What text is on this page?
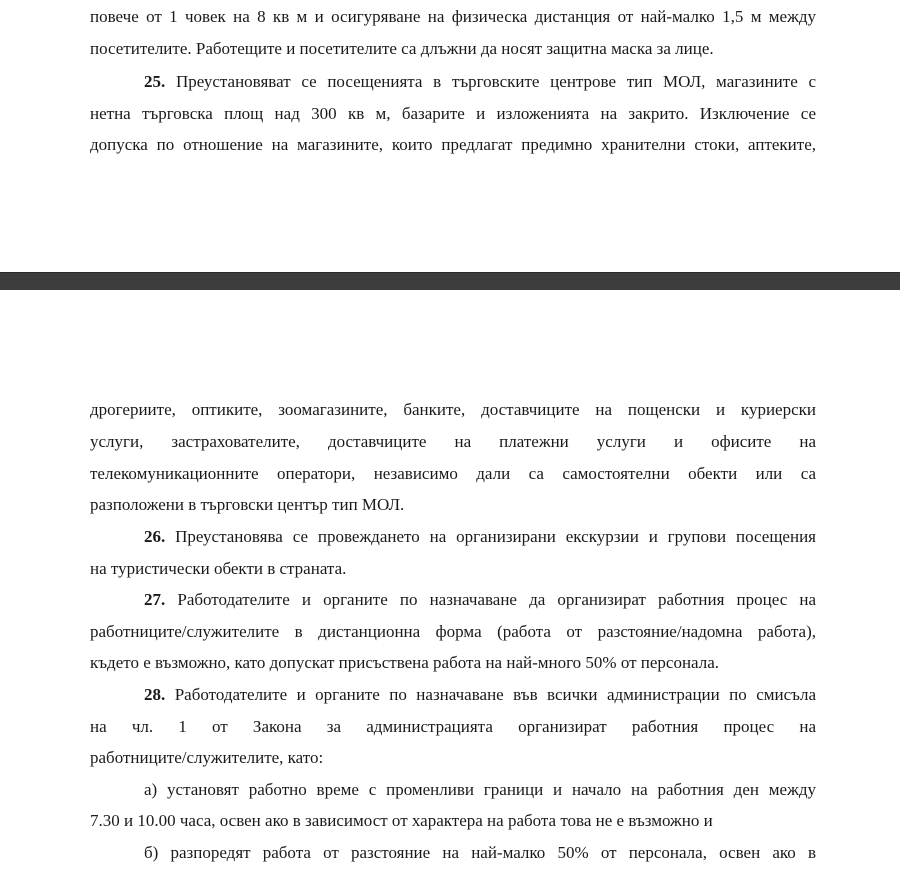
повече от 1 човек на 8 кв м и осигуряване на физическа дистанция от най-малко 1,5 м между
посетителите. Работещите и посетителите са длъжни да носят защитна маска за лице.
25. Преустановяват се посещенията в търговските центрове тип МОЛ, магазините с
нетна търговска площ над 300 кв м, базарите и изложенията на закрито. Изключение се
допуска по отношение на магазините, които предлагат предимно хранителни стоки, аптеките,
дрогериите, оптиките, зоомагазините, банките, доставчиците на пощенски и куриерски
услуги, застрахователите, доставчиците на платежни услуги и офисите на
телекомуникационните оператори, независимо дали са самостоятелни обекти или са
разположени в търговски център тип МОЛ.
26. Преустановява се провеждането на организирани екскурзии и групови посещения
на туристически обекти в страната.
27. Работодателите и органите по назначаване да организират работния процес на
работниците/служителите в дистанционна форма (работа от разстояние/надомна работа),
където е възможно, като допускат присъствена работа на най-много 50% от персонала.
28. Работодателите и органите по назначаване във всички администрации по смисъла
на чл. 1 от Закона за администрацията организират работния процес на
работниците/служителите, като:
а) установят работно време с променливи граници и начало на работния ден между
7.30 и 10.00 часа, освен ако в зависимост от характера на работа това не е възможно и
б) разпоредят работа от разстояние на най-малко 50% от персонала, освен ако в
